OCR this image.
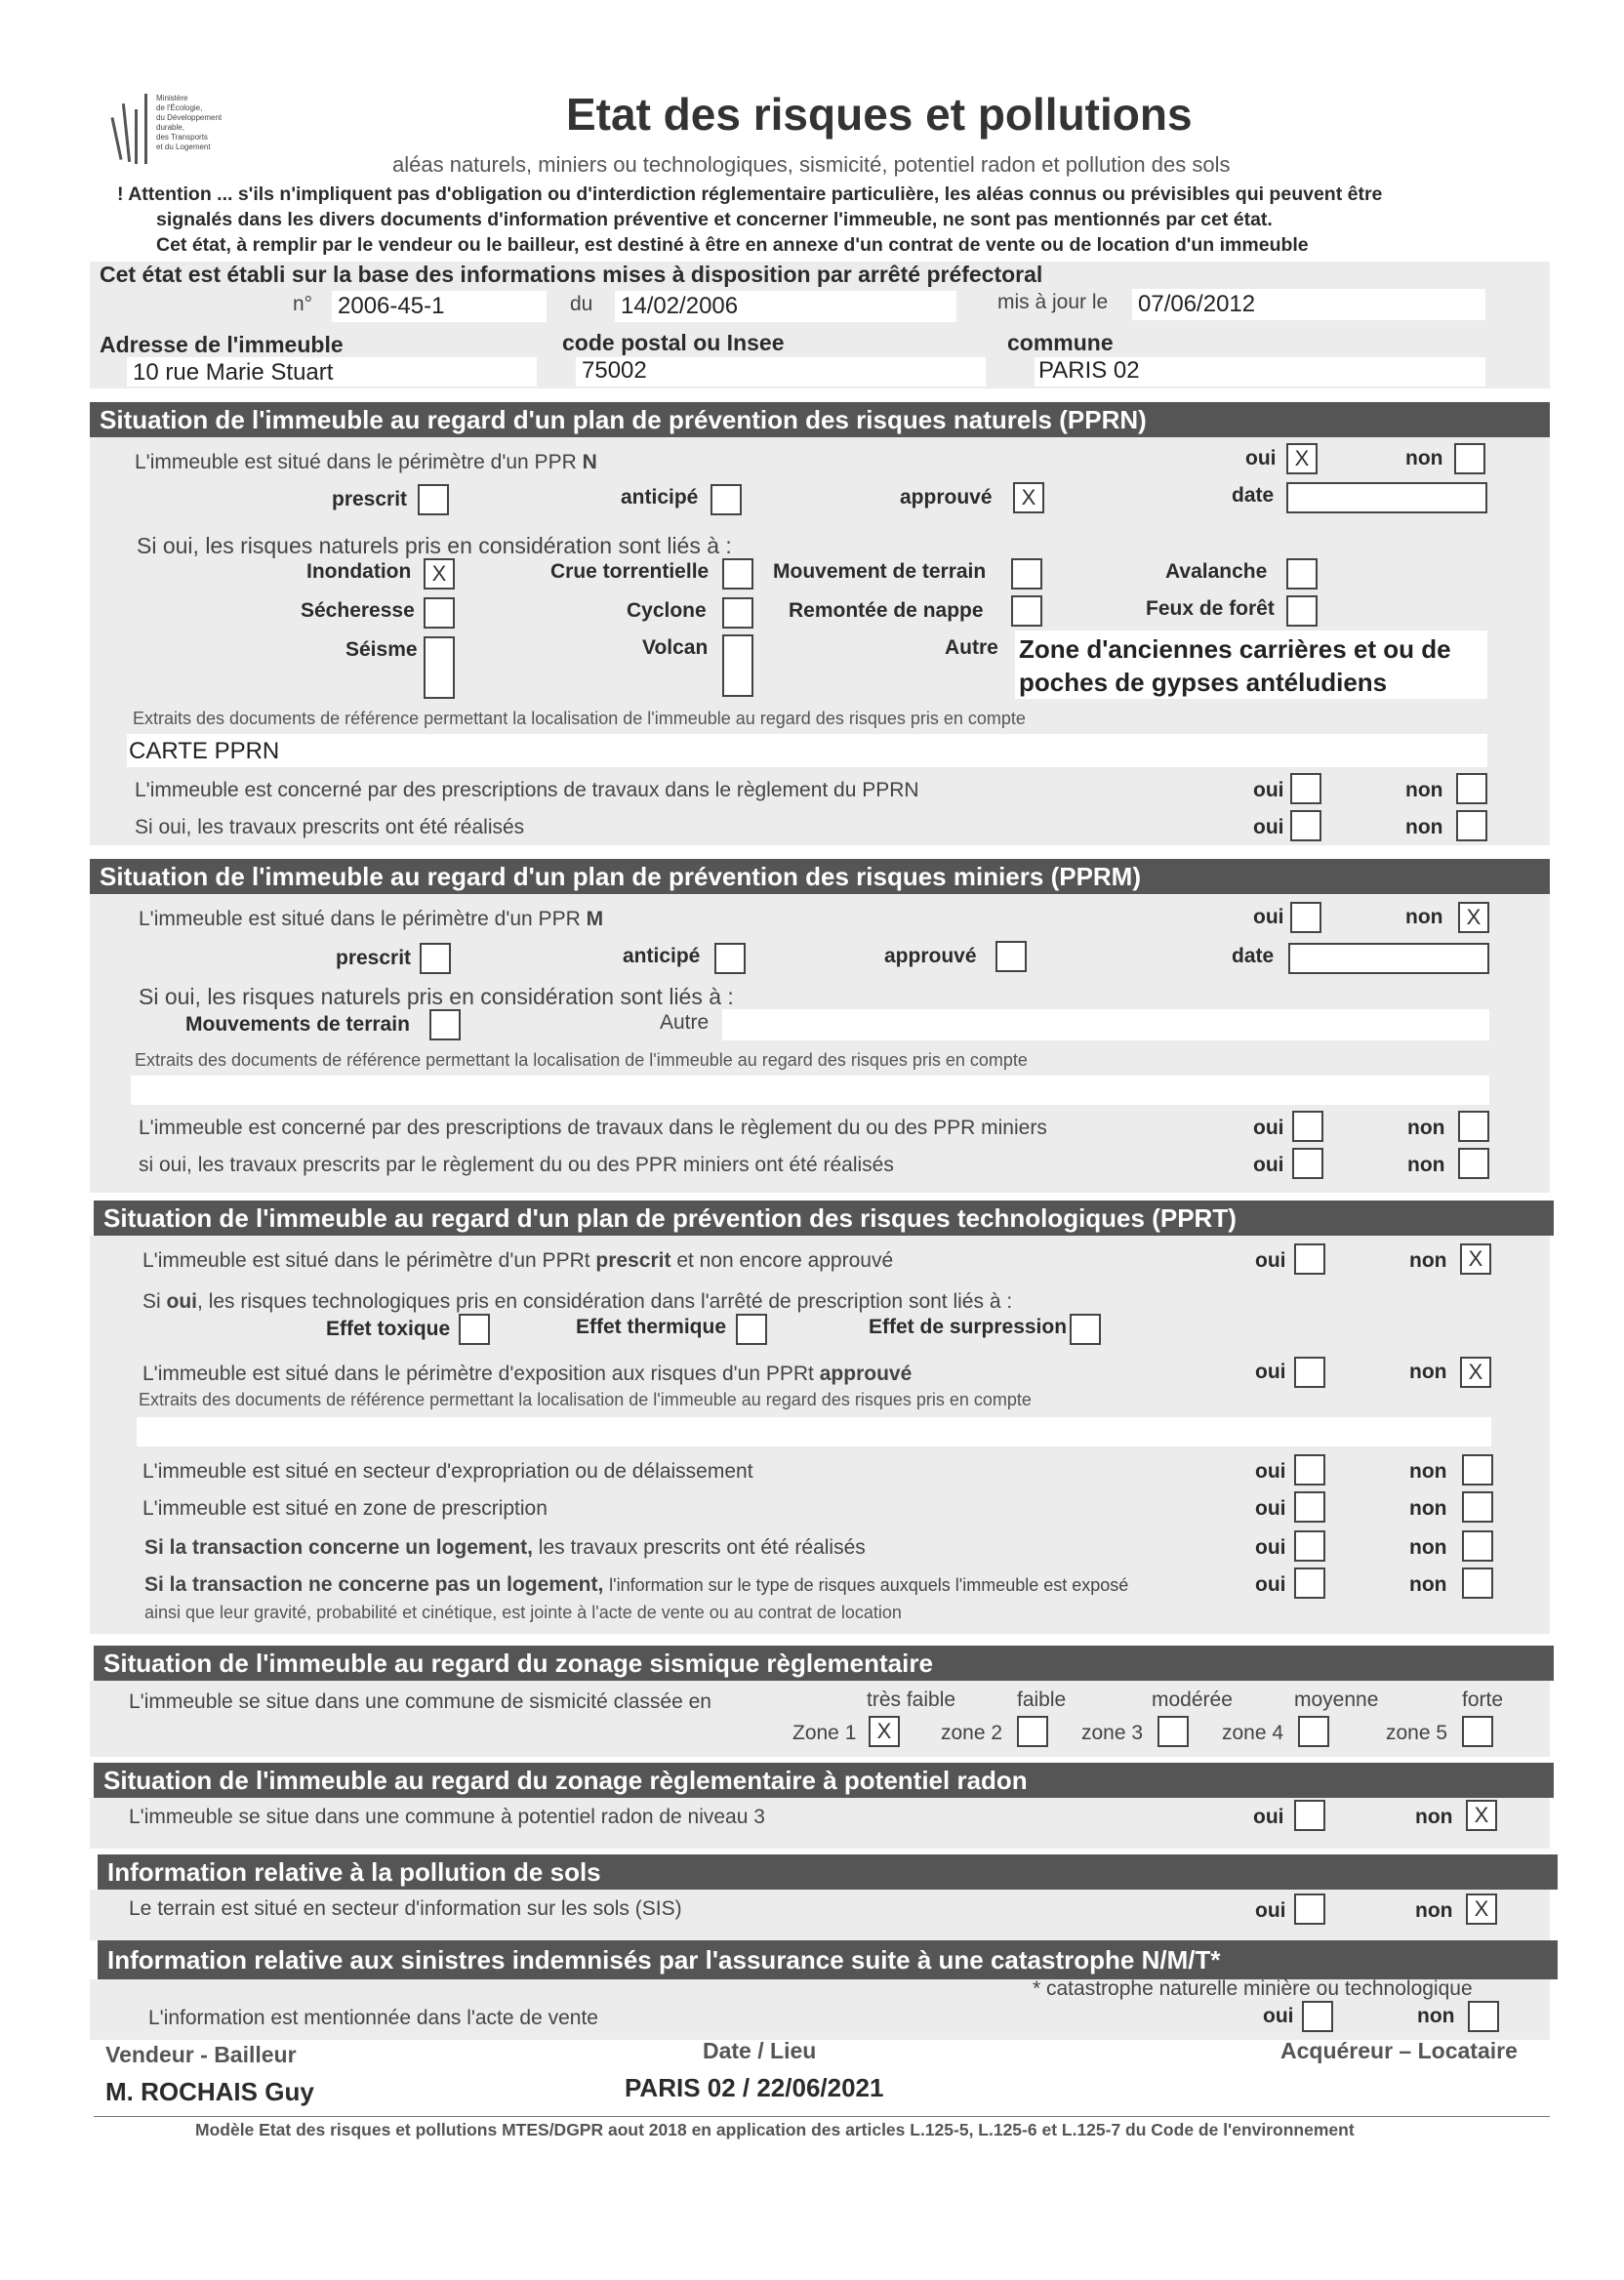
Ministère
de l'Écologie,
du Développement
durable,
des Transports
et du Logement
Etat des risques et pollutions
aléas naturels, miniers ou technologiques, sismicité, potentiel radon et pollution des sols
! Attention ... s'ils n'impliquent pas d'obligation ou d'interdiction réglementaire particulière, les aléas connus ou prévisibles qui peuvent être
signalés dans les divers documents d'information préventive et concerner l'immeuble, ne sont pas mentionnés par cet état.
Cet état, à remplir par le vendeur ou le bailleur, est destiné à être en annexe d'un contrat de vente ou de location d'un immeuble
Cet état est établi sur la base des informations mises à disposition par arrêté préfectoral
n° 2006-45-1	du 14/02/2006	mis à jour le 07/06/2012
Adresse de l'immeuble	code postal ou Insee	commune
10 rue Marie Stuart	75002	PARIS 02
Situation de l'immeuble au regard d'un plan de prévention des risques naturels (PPRN)
L'immeuble est situé dans le périmètre d'un PPR N	oui X	non
prescrit	anticipé	approuvé	X	date
Si oui, les risques naturels pris en considération sont liés à :
Inondation X	Crue torrentielle	Mouvement de terrain	Avalanche
Sécheresse	Cyclone	Remontée de nappe	Feux de forêt
Séisme	Volcan	Autre Zone d'anciennes carrières et ou de
poches de gypses antéludiens
Extraits des documents de référence permettant la localisation de l'immeuble au regard des risques pris en compte
CARTE PPRN
L'immeuble est concerné par des prescriptions de travaux dans le règlement du PPRN	oui	non
Si oui, les travaux prescrits ont été réalisés	oui	non
Situation de l'immeuble au regard d'un plan de prévention des risques miniers (PPRM)
L'immeuble est situé dans le périmètre d'un PPR M	oui	non	X
prescrit	anticipé	approuvé	date
Si oui, les risques naturels pris en considération sont liés à :
Mouvements de terrain	Autre
Extraits des documents de référence permettant la localisation de l'immeuble au regard des risques pris en compte
L'immeuble est concerné par des prescriptions de travaux dans le règlement du ou des PPR miniers	oui	non
si oui, les travaux prescrits par le règlement du ou des PPR miniers ont été réalisés	oui	non
Situation de l'immeuble au regard d'un plan de prévention des risques technologiques (PPRT)
L'immeuble est situé dans le périmètre d'un PPRt prescrit et non encore approuvé	oui	non	X
Si oui, les risques technologiques pris en considération dans l'arrêté de prescription sont liés à :
Effet toxique	Effet thermique	Effet de surpression
L'immeuble est situé dans le périmètre d'exposition aux risques d'un PPRt approuvé	oui	non	X
Extraits des documents de référence permettant la localisation de l'immeuble au regard des risques pris en compte
L'immeuble est situé en secteur d'expropriation ou de délaissement	oui	non
L'immeuble est situé en zone de prescription	oui	non
Si la transaction concerne un logement, les travaux prescrits ont été réalisés	oui	non
Si la transaction ne concerne pas un logement, l'information sur le type de risques auxquels l'immeuble est exposé
ainsi que leur gravité, probabilité et cinétique, est jointe à l'acte de vente ou au contrat de location
oui	non
Situation de l'immeuble au regard du zonage sismique règlementaire
L'immeuble se situe dans une commune de sismicité classée en	très faible	faible	modérée	moyenne	forte
Zone 1 X	zone 2	zone 3	zone 4	zone 5
Situation de l'immeuble au regard du zonage règlementaire à potentiel radon
L'immeuble se situe dans une commune à potentiel radon de niveau 3	oui	non	X
Information relative à la pollution de sols
Le terrain est situé en secteur d'information sur les sols (SIS)	oui	non	X
Information relative aux sinistres indemnisés par l'assurance suite à une catastrophe N/M/T*
* catastrophe naturelle minière ou technologique
L'information est mentionnée dans l'acte de vente	oui	non
Vendeur - Bailleur	Date / Lieu	Acquéreur – Locataire
M. ROCHAIS Guy	PARIS 02 / 22/06/2021
Modèle Etat des risques et pollutions MTES/DGPR aout 2018 en application des articles L.125-5, L.125-6 et L.125-7 du Code de l'environnement
